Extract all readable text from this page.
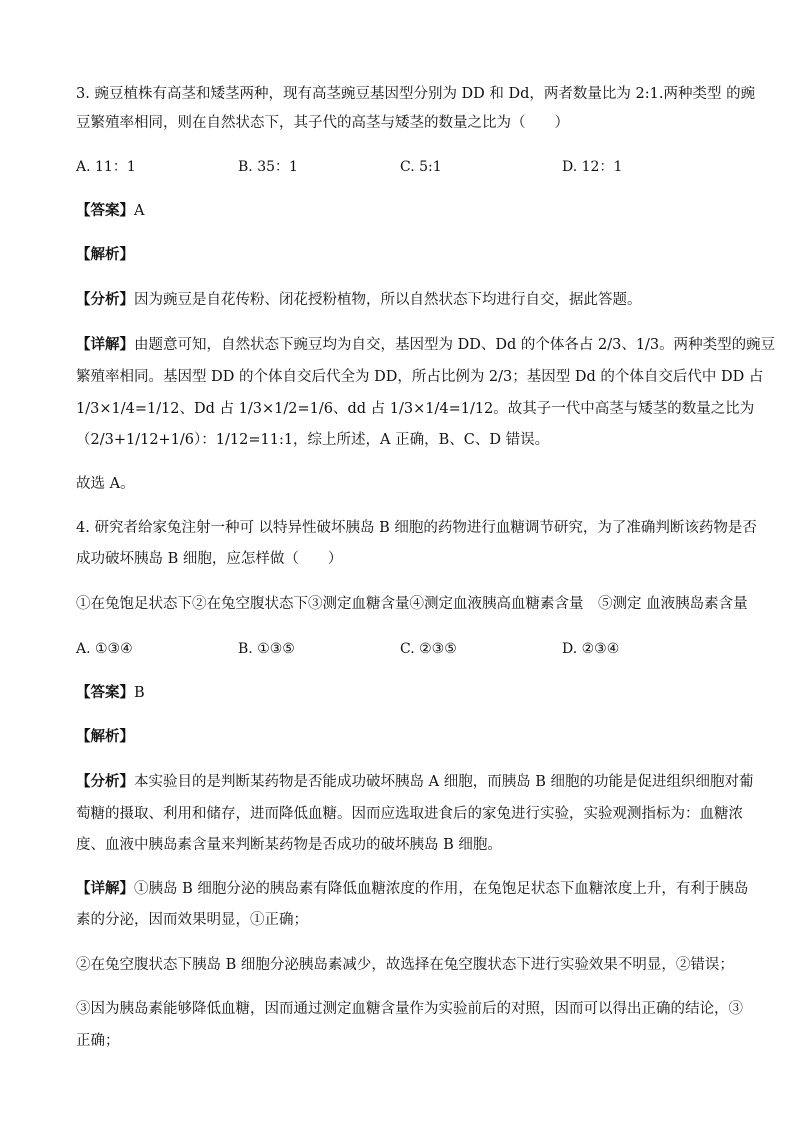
3. 豌豆植株有高茎和矮茎两种，现有高茎豌豆基因型分别为 DD 和 Dd，两者数量比为 2:1.两种类型 的豌
豆繁殖率相同，则在自然状态下，其子代的高茎与矮茎的数量之比为（　　）
A. 11：1	B. 35：1	C. 5:1	D. 12：1
【答案】A
【解析】
【分析】因为豌豆是自花传粉、闭花授粉植物，所以自然状态下均进行自交，据此答题。
【详解】由题意可知，自然状态下豌豆均为自交，基因型为 DD、Dd 的个体各占 2/3、1/3。两种类型的豌豆
繁殖率相同。基因型 DD 的个体自交后代全为 DD，所占比例为 2/3；基因型 Dd 的个体自交后代中 DD 占
1/3×1/4=1/12、Dd 占 1/3×1/2=1/6、dd 占 1/3×1/4=1/12。故其子一代中高茎与矮茎的数量之比为
（2/3+1/12+1/6）：1/12=11:1，综上所述，A 正确，B、C、D 错误。
故选 A。
4. 研究者给家兔注射一种可 以特异性破坏胰岛 B 细胞的药物进行血糖调节研究，为了准确判断该药物是否
成功破坏胰岛 B 细胞，应怎样做（　　）
①在兔饱足状态下②在兔空腹状态下③测定血糖含量④测定血液胰高血糖素含量　⑤测定 血液胰岛素含量
A. ①③④	B. ①③⑤	C. ②③⑤	D. ②③④
【答案】B
【解析】
【分析】本实验目的是判断某药物是否能成功破坏胰岛 A 细胞，而胰岛 B 细胞的功能是促进组织细胞对葡
萄糖的摄取、利用和储存，进而降低血糖。因而应选取进食后的家兔进行实验，实验观测指标为：血糖浓
度、血液中胰岛素含量来判断某药物是否成功的破坏胰岛 B 细胞。
【详解】①胰岛 B 细胞分泌的胰岛素有降低血糖浓度的作用，在兔饱足状态下血糖浓度上升，有利于胰岛
素的分泌，因而效果明显，①正确；
②在兔空腹状态下胰岛 B 细胞分泌胰岛素减少，故选择在兔空腹状态下进行实验效果不明显，②错误；
③因为胰岛素能够降低血糖，因而通过测定血糖含量作为实验前后的对照，因而可以得出正确的结论，③
正确；
